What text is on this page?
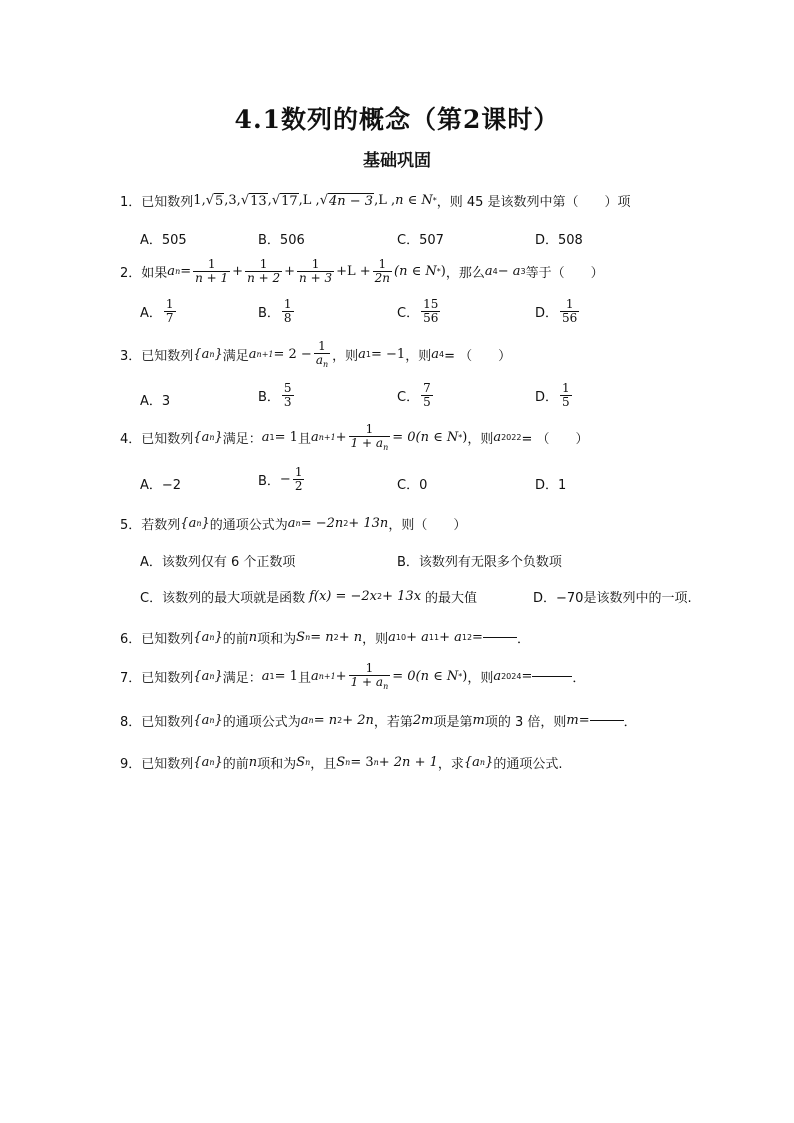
4.1数列的概念（第2课时）
基础巩固
1． 已知数列 1, √ 5 ,3, √ 13 , √ 17 ,L , √ 4n − 3 ,L , n ∈ N * ，则 45 是该数列中第（　　）项
A．505	B．506	C．507	D．508
2． 如果 a $n = \frac{1}{n + 1} + \frac{1}{n + 2} + \frac{1}{n + 3} +L + \frac{1}{2n} (n$ ∈ N * ) ，那么 a 4 − a 3 等于（　　）
A． $\frac{1}{7}$	B． $\frac{1}{8}$	C． $\frac{15}{56}$	D． $\frac{1}{56}$
3． 已知数列 {a n } 满足 a $n+1 = 2 - \frac{1}{a_n}$ ，则 a 1 = −1 ，则 a 4 = （　　）
A．3	B． $\frac{5}{3}$	C． $\frac{7}{5}$	D． $\frac{1}{5}$
4． 已知数列 {a n } 满足： a 1 = 1 且 a $n+1 + \frac{1}{1 + a_n} = 0(n$ ∈ N * ) ，则 a 2022 = （　　）
A．−2	B． − $\frac{1}{2}$	C．0	D．1
5． 若数列 {a n } 的通项公式为 a n = −2n 2 + 13n ，则（　　）
A．该数列仅有 6 个正数项	B．该数列有无限多个负数项
C．该数列的最大项就是函数 f(x) = −2x 2 + 13x 的最大值	D．−70是该数列中的一项.
6． 已知数列 {a n } 的前 n 项和为 S n = n 2 + n ，则 a 10 + a 11 + a 12 =	．
7． 已知数列 {a n } 满足： a 1 = 1 且 a $n+1 + \frac{1}{1 + a_n} = 0(n$ ∈ N * ) ，则 a 2024 =	．
8． 已知数列 {a n } 的通项公式为 a n = n 2 + 2n ，若第 2m 项是第 m 项的 3 倍，则 m =	．
9． 已知数列 {a n } 的前 n 项和为 S n ，且 S n = 3 n + 2n + 1 ，求 {a n } 的通项公式.
